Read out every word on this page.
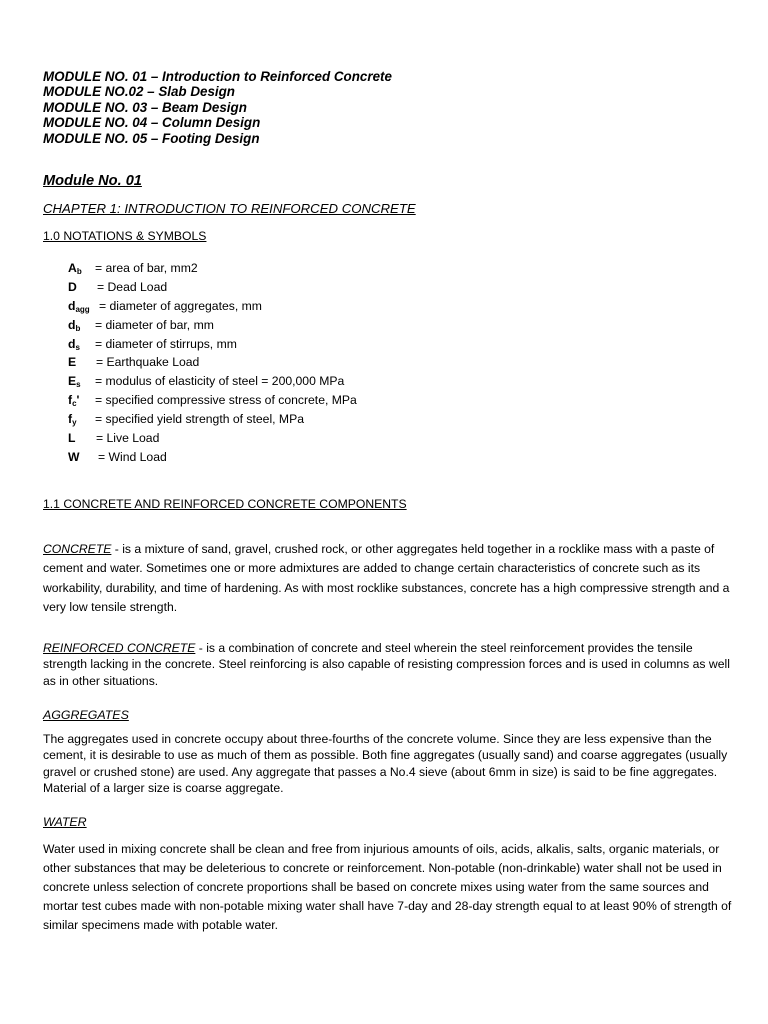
MODULE NO. 01 – Introduction to Reinforced Concrete
MODULE NO.02 – Slab Design
MODULE NO. 03 – Beam Design
MODULE NO. 04 – Column Design
MODULE NO. 05 – Footing Design
Module No. 01
CHAPTER 1: INTRODUCTION TO REINFORCED CONCRETE
1.0 NOTATIONS & SYMBOLS
$A_b$ = area of bar, mm2
D = Dead Load
$d_{agg}$ = diameter of aggregates, mm
$d_b$ = diameter of bar, mm
$d_s$ = diameter of stirrups, mm
E = Earthquake Load
$E_s$ = modulus of elasticity of steel = 200,000 MPa
$f_c'$ = specified compressive stress of concrete, MPa
$f_y$ = specified yield strength of steel, MPa
L = Live Load
W = Wind Load
1.1 CONCRETE AND REINFORCED CONCRETE COMPONENTS
CONCRETE - is a mixture of sand, gravel, crushed rock, or other aggregates held together in a rocklike mass with a paste of cement and water. Sometimes one or more admixtures are added to change certain characteristics of concrete such as its workability, durability, and time of hardening. As with most rocklike substances, concrete has a high compressive strength and a very low tensile strength.
REINFORCED CONCRETE - is a combination of concrete and steel wherein the steel reinforcement provides the tensile strength lacking in the concrete. Steel reinforcing is also capable of resisting compression forces and is used in columns as well as in other situations.
AGGREGATES
The aggregates used in concrete occupy about three-fourths of the concrete volume. Since they are less expensive than the cement, it is desirable to use as much of them as possible. Both fine aggregates (usually sand) and coarse aggregates (usually gravel or crushed stone) are used. Any aggregate that passes a No.4 sieve (about 6mm in size) is said to be fine aggregates. Material of a larger size is coarse aggregate.
WATER
Water used in mixing concrete shall be clean and free from injurious amounts of oils, acids, alkalis, salts, organic materials, or other substances that may be deleterious to concrete or reinforcement. Non-potable (non-drinkable) water shall not be used in concrete unless selection of concrete proportions shall be based on concrete mixes using water from the same sources and mortar test cubes made with non-potable mixing water shall have 7-day and 28-day strength equal to at least 90% of strength of similar specimens made with potable water.
